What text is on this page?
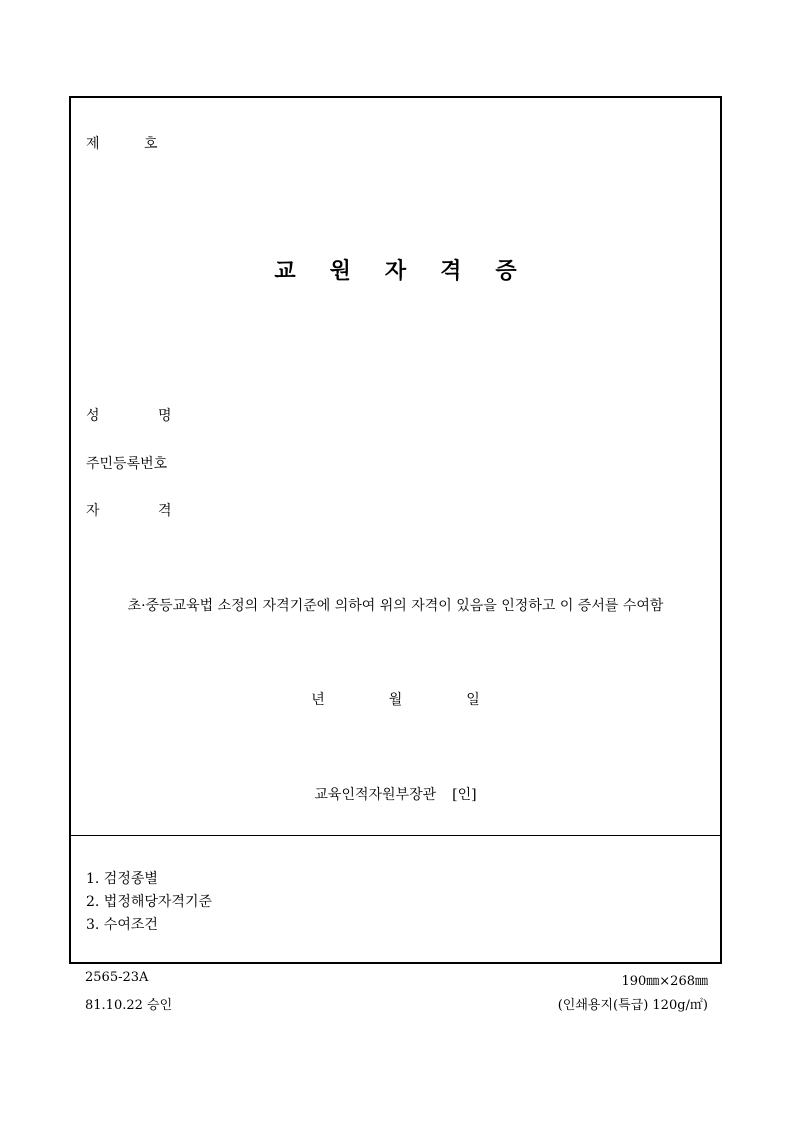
제	호
교 원 자 격 증
성	명
주민등록번호
자	격
초·중등교육법 소정의 자격기준에 의하여 위의 자격이 있음을 인정하고 이 증서를 수여함
년	월	일
교육인적자원부장관 [인]
1. 검정종별
2. 법정해당자격기준
3. 수여조건
2565-23A
81.10.22 승인
190㎜×268㎜
(인쇄용지(특급) 120g/㎡)
